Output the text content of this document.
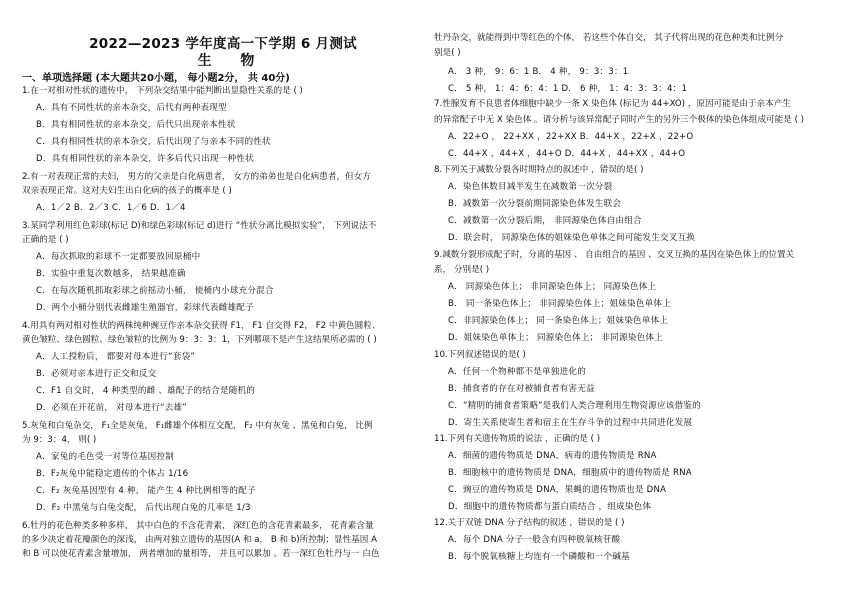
2022—2023 学年度高一下学期 6 月测试
生 物
一、单项选择题 (本大题共20小题， 每小题2分， 共 40分)
1.在一对相对性状的遗传中， 下列杂交结果中能判断出显隐性关系的是 ( )
A．具有不同性状的亲本杂交，后代有两种表现型
B．具有相同性状的亲本杂交，后代只出现亲本性状
C．具有相同性状的亲本杂交，后代出现了与亲本不同的性状
D．具有相同性状的亲本杂交，许多后代只出现一种性状
2.有一对表现正常的夫妇， 男方的父亲是白化病患者， 女方的弟弟也是白化病患者，但女方
双亲表现正常。这对夫妇生出白化病的孩子的概率是 ( )
A．1／2 B．2／3 C．1／6 D．1／4
3.某同学利用红色彩球(标记 D)和绿色彩球(标记 d)进行 “性状分离比模拟实验”， 下列说法不
正确的是 ( )
A．每次抓取的彩球不一定都要放回原桶中
B．实验中重复次数越多， 结果越准确
C．在每次随机抓取彩球之前摇动小桶， 使桶内小球充分混合
D．两个小桶分别代表雌雄生殖器官，彩球代表雌雄配子
4.用具有两对相对性状的两株纯种豌豆作亲本杂交获得 F1， F1 自交得 F2， F2 中黄色圆粒、
黄色皱粒、绿色圆粒、绿色皱粒的比例为 9：3：3：1，下列哪项不是产生这结果所必需的 ( )
A．人工授粉后， 都要对母本进行“套袋”
B．必须对亲本进行正交和反交
C．F1 自交时， 4 种类型的雌 、雄配子的结合是随机的
D．必须在开花前， 对母本进行“去雄”
5.灰兔和白兔杂交， F₁全是灰兔， F₁雌雄个体相互交配， F₂ 中有灰兔 、黑兔和白兔， 比例
为 9：3：4， 则( )
A．家兔的毛色受一对等位基因控制
B．F₂灰兔中能稳定遗传的个体占 1/16
C．F₂ 灰兔基因型有 4 种， 能产生 4 种比例相等的配子
D．F₂ 中黑兔与白兔交配， 后代出现白兔的几率是 1/3
6.牡丹的花色种类多种多样， 其中白色的不含花青素， 深红色的含花青素最多， 花青素含量
的多少决定着花瓣颜色的深浅， 由两对独立遗传的基因(A 和 a， B 和 b)所控制；显性基因 A
和 B 可以使花青素含量增加， 两者增加的量相等， 并且可以累加 。若一深红色牡丹与一 白色
牡丹杂交，就能得到中等红色的个体， 若这些个体自交， 其子代将出现的花色种类和比例分
别是( )
A． 3 种， 9：6：1 B． 4 种， 9：3：3：1
C． 5 种， 1：4：6：4：1 D． 6 种， 1：4：3：3：4：1
7.性腺发育不良患者体细胞中缺少一条 X 染色体 (标记为 44+XO) ，原因可能是由于亲本产生
的异常配子中无 X 染色体 。请分析与该异常配子同时产生的另外三个极体的染色体组成可能是 ( )
A．22+O ， 22+XX ，22+XX B．44+X ，22+X ，22+O
C．44+X ，44+X ，44+O D．44+X ，44+XX ，44+O
8.下列关于减数分裂各时期特点的叙述中 ，错误的是( )
A．染色体数目减半发生在减数第一次分裂
B．减数第一次分裂前期同源染色体发生联会
C．减数第一次分裂后期， 非同源染色体自由组合
D．联会时， 同源染色体的姐妹染色单体之间可能发生交叉互换
9.减数分裂形成配子时，分离的基因 、 自由组合的基因 、交叉互换的基因在染色体上的位置关
系， 分别是( )
A． 同源染色体上； 非同源染色体上； 同源染色体上
B． 同一条染色体上； 非同源染色体上；姐妹染色单体上
C．非同源染色体上； 同一条染色体上；姐妹染色单体上
D．姐妹染色单体上； 同源染色体上； 非同源染色体上
10.下列叙述错误的是( )
A．任何一个物种都不是单独进化的
B．捕食者的存在对被捕食者有害无益
C．“精明的捕食者策略”是我们人类合理利用生物资源应该借鉴的
D．寄生关系使寄生者和宿主在生存斗争的过程中共同进化发展
11.下列有关遗传物质的说法 ，正确的是 ( )
A．细菌的遗传物质是 DNA，病毒的遗传物质是 RNA
B．细胞核中的遗传物质是 DNA，细胞质中的遗传物质是 RNA
C．豌豆的遗传物质是 DNA，果蝇的遗传物质也是 DNA
D．细胞中的遗传物质都与蛋白质结合 ，组成染色体
12.关于双链 DNA 分子结构的叙述 ，错误的是 ( )
A．每个 DNA 分子一般含有四种脱氧核苷酸
B．每个脱氧核糖上均连有一个磷酸和一个碱基
